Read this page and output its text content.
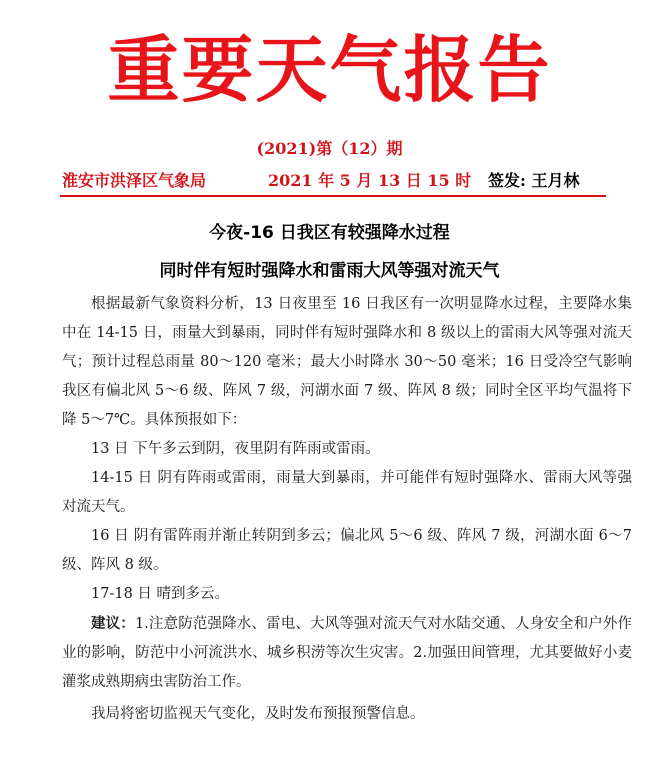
重要天气报告
(2021)第（12）期
淮安市洪泽区气象局	2021 年 5 月 13 日 15 时 签发: 王月林
今夜-16 日我区有较强降水过程
同时伴有短时强降水和雷雨大风等强对流天气

根据最新气象资料分析，13 日夜里至 16 日我区有一次明显降水过程，主要降水集中在 14-15 日，雨量大到暴雨，同时伴有短时强降水和 8 级以上的雷雨大风等强对流天气；预计过程总雨量 80～120 毫米；最大小时降水 30～50 毫米；16 日受冷空气影响我区有偏北风 5～6 级、阵风 7 级，河湖水面 7 级、阵风 8 级；同时全区平均气温将下降 5～7℃。具体预报如下：

13 日 下午多云到阴，夜里阴有阵雨或雷雨。

14-15 日 阴有阵雨或雷雨，雨量大到暴雨，并可能伴有短时强降水、雷雨大风等强对流天气。

16 日 阴有雷阵雨并渐止转阴到多云；偏北风 5～6 级、阵风 7 级，河湖水面 6～7 级、阵风 8 级。

17-18 日 晴到多云。

建议：1.注意防范强降水、雷电、大风等强对流天气对水陆交通、人身安全和户外作业的影响，防范中小河流洪水、城乡积涝等次生灾害。2.加强田间管理，尤其要做好小麦灌浆成熟期病虫害防治工作。

我局将密切监视天气变化，及时发布预报预警信息。
